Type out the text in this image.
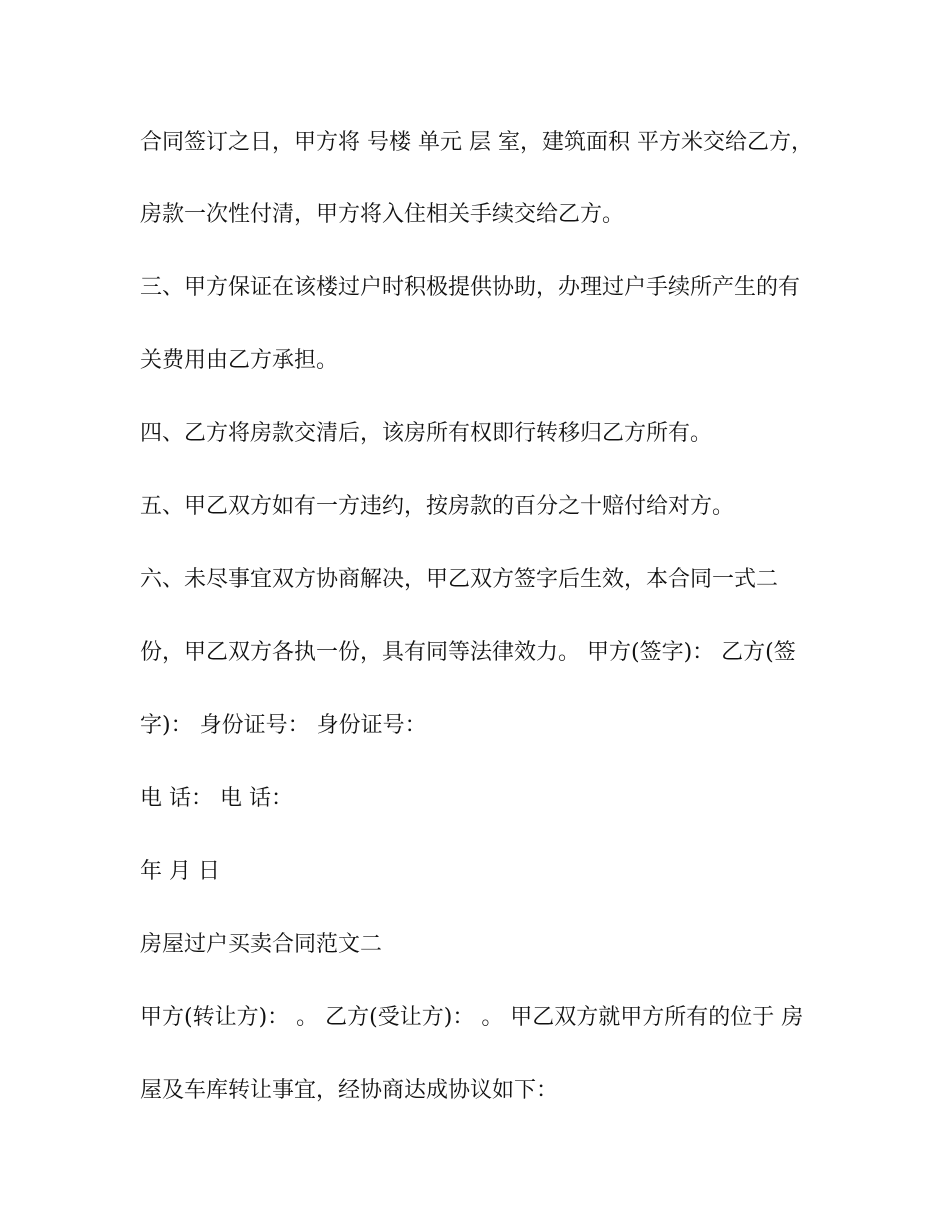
合同签订之日，甲方将 号楼 单元 层 室，建筑面积 平方米交给乙方，
房款一次性付清，甲方将入住相关手续交给乙方。
三、甲方保证在该楼过户时积极提供协助，办理过户手续所产生的有
关费用由乙方承担。
四、乙方将房款交清后，该房所有权即行转移归乙方所有。
五、甲乙双方如有一方违约，按房款的百分之十赔付给对方。
六、未尽事宜双方协商解决，甲乙双方签字后生效，本合同一式二
份，甲乙双方各执一份，具有同等法律效力。 甲方(签字)： 乙方(签
字)： 身份证号： 身份证号：
电 话： 电 话：
年 月 日
房屋过户买卖合同范文二
甲方(转让方)： 。 乙方(受让方)： 。 甲乙双方就甲方所有的位于 房
屋及车库转让事宜，经协商达成协议如下：
